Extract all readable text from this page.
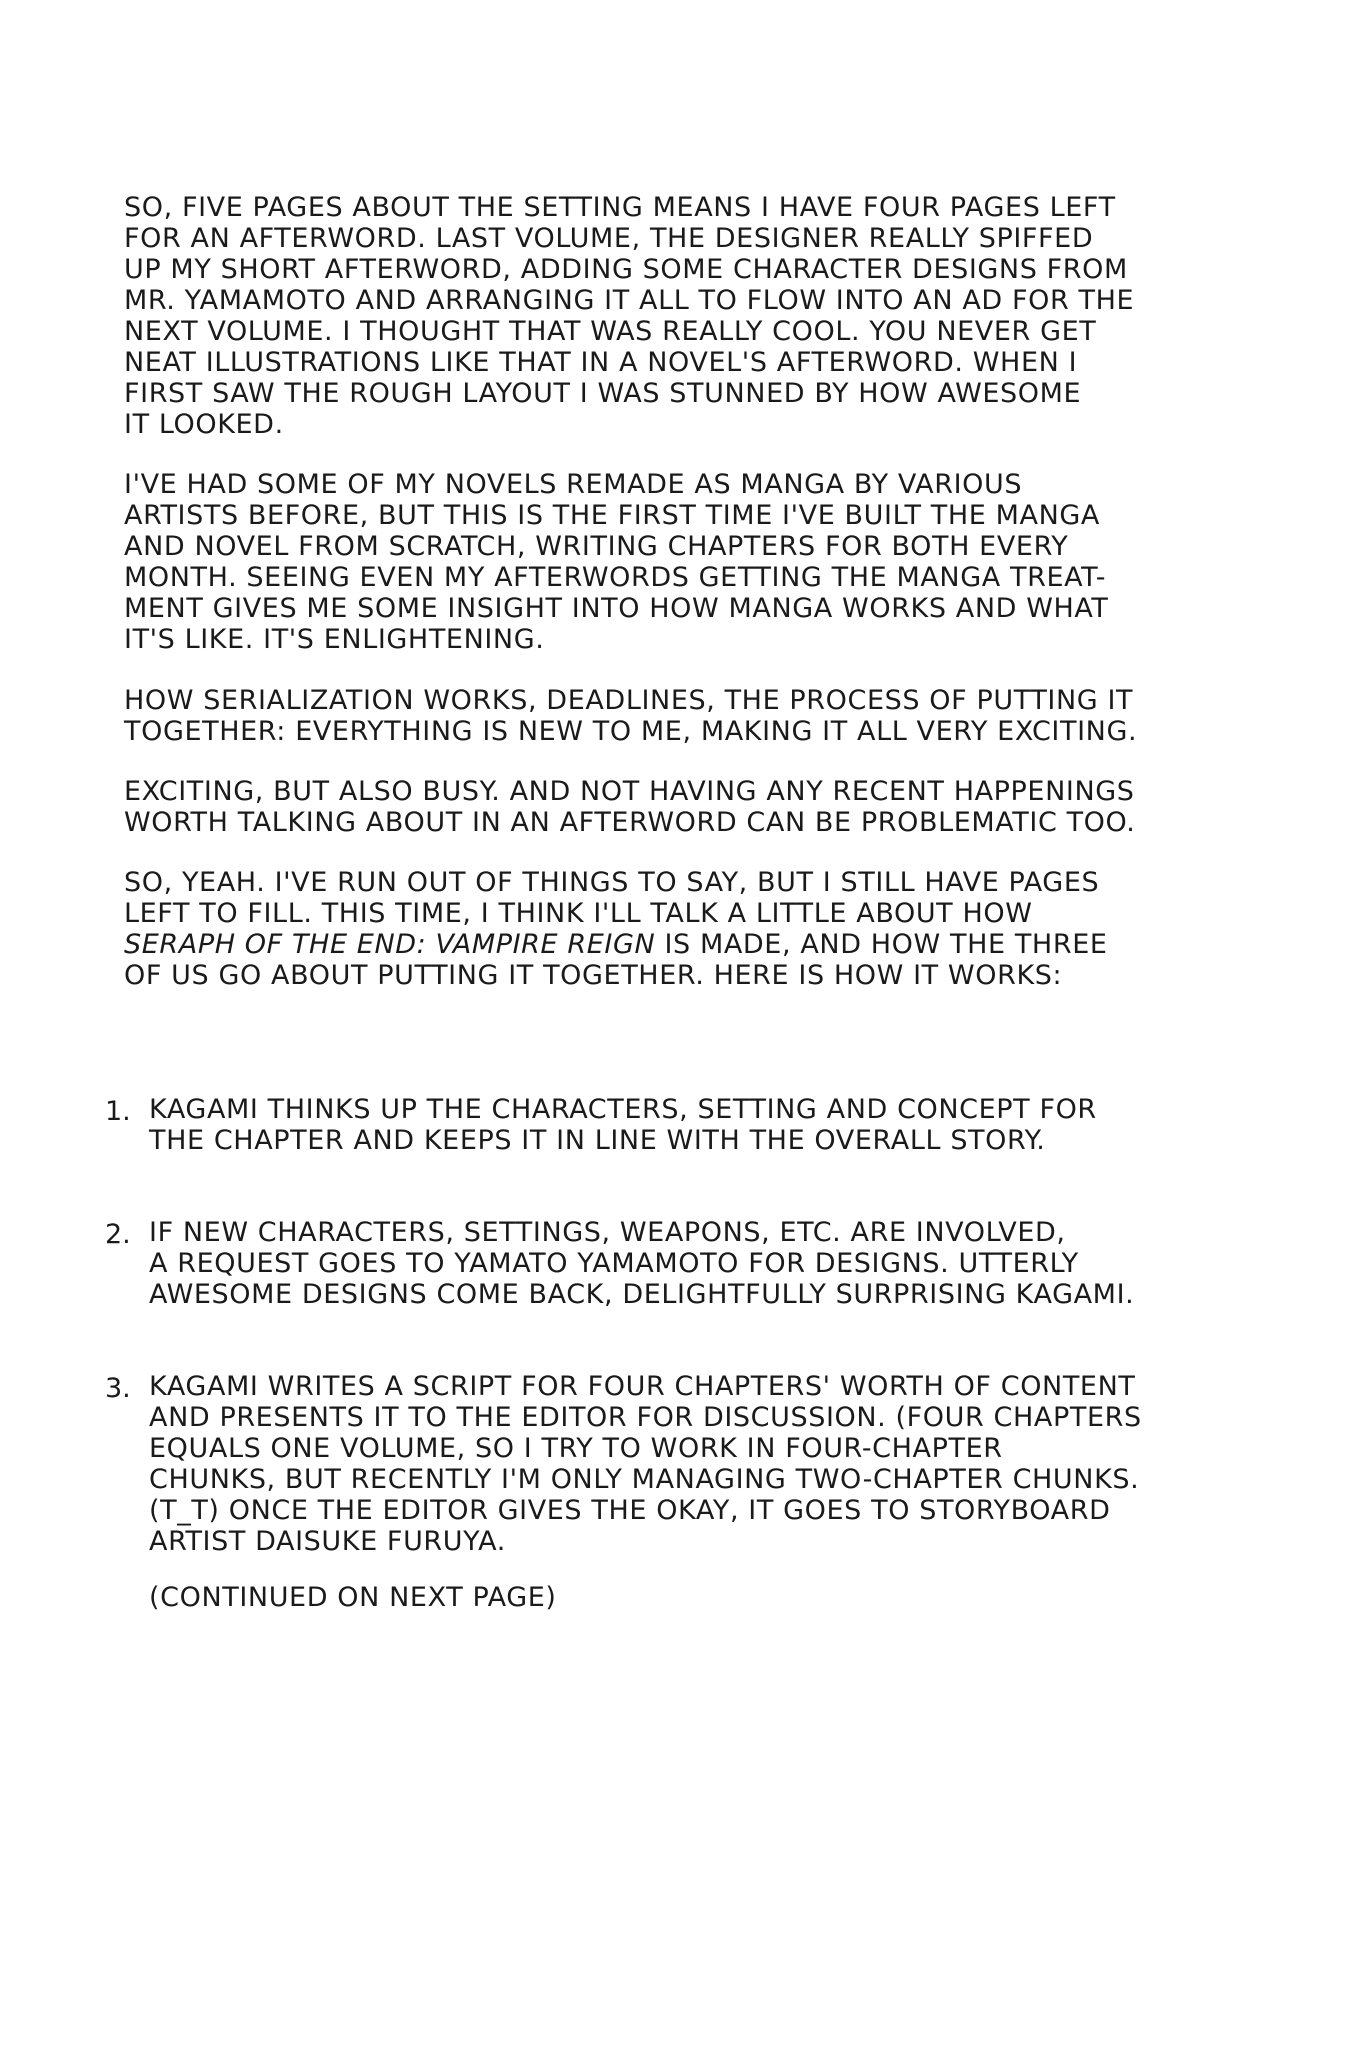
SO, FIVE PAGES ABOUT THE SETTING MEANS I HAVE FOUR PAGES LEFT

FOR AN AFTERWORD. LAST VOLUME, THE DESIGNER REALLY SPIFFED

UP MY SHORT AFTERWORD, ADDING SOME CHARACTER DESIGNS FROM

MR. YAMAMOTO AND ARRANGING IT ALL TO FLOW INTO AN AD FOR THE

NEXT VOLUME. I THOUGHT THAT WAS REALLY COOL. YOU NEVER GET

NEAT ILLUSTRATIONS LIKE THAT IN A NOVEL'S AFTERWORD. WHEN I

FIRST SAW THE ROUGH LAYOUT I WAS STUNNED BY HOW AWESOME

IT LOOKED.

I'VE HAD SOME OF MY NOVELS REMADE AS MANGA BY VARIOUS

ARTISTS BEFORE, BUT THIS IS THE FIRST TIME I'VE BUILT THE MANGA

AND NOVEL FROM SCRATCH, WRITING CHAPTERS FOR BOTH EVERY

MONTH. SEEING EVEN MY AFTERWORDS GETTING THE MANGA TREAT-

MENT GIVES ME SOME INSIGHT INTO HOW MANGA WORKS AND WHAT

IT'S LIKE. IT'S ENLIGHTENING.

HOW SERIALIZATION WORKS, DEADLINES, THE PROCESS OF PUTTING IT

TOGETHER: EVERYTHING IS NEW TO ME, MAKING IT ALL VERY EXCITING.

EXCITING, BUT ALSO BUSY. AND NOT HAVING ANY RECENT HAPPENINGS

WORTH TALKING ABOUT IN AN AFTERWORD CAN BE PROBLEMATIC TOO.

SO, YEAH. I'VE RUN OUT OF THINGS TO SAY, BUT I STILL HAVE PAGES

LEFT TO FILL. THIS TIME, I THINK I'LL TALK A LITTLE ABOUT HOW

SERAPH OF THE END: VAMPIRE REIGN IS MADE, AND HOW THE THREE

OF US GO ABOUT PUTTING IT TOGETHER. HERE IS HOW IT WORKS:

1. KAGAMI THINKS UP THE CHARACTERS, SETTING AND CONCEPT FOR

THE CHAPTER AND KEEPS IT IN LINE WITH THE OVERALL STORY.

2. IF NEW CHARACTERS, SETTINGS, WEAPONS, ETC. ARE INVOLVED,

A REQUEST GOES TO YAMATO YAMAMOTO FOR DESIGNS. UTTERLY

AWESOME DESIGNS COME BACK, DELIGHTFULLY SURPRISING KAGAMI.

3. KAGAMI WRITES A SCRIPT FOR FOUR CHAPTERS' WORTH OF CONTENT

AND PRESENTS IT TO THE EDITOR FOR DISCUSSION. (FOUR CHAPTERS

EQUALS ONE VOLUME, SO I TRY TO WORK IN FOUR-CHAPTER

CHUNKS, BUT RECENTLY I'M ONLY MANAGING TWO-CHAPTER CHUNKS.

(T_T) ONCE THE EDITOR GIVES THE OKAY, IT GOES TO STORYBOARD

ARTIST DAISUKE FURUYA.

(CONTINUED ON NEXT PAGE)
